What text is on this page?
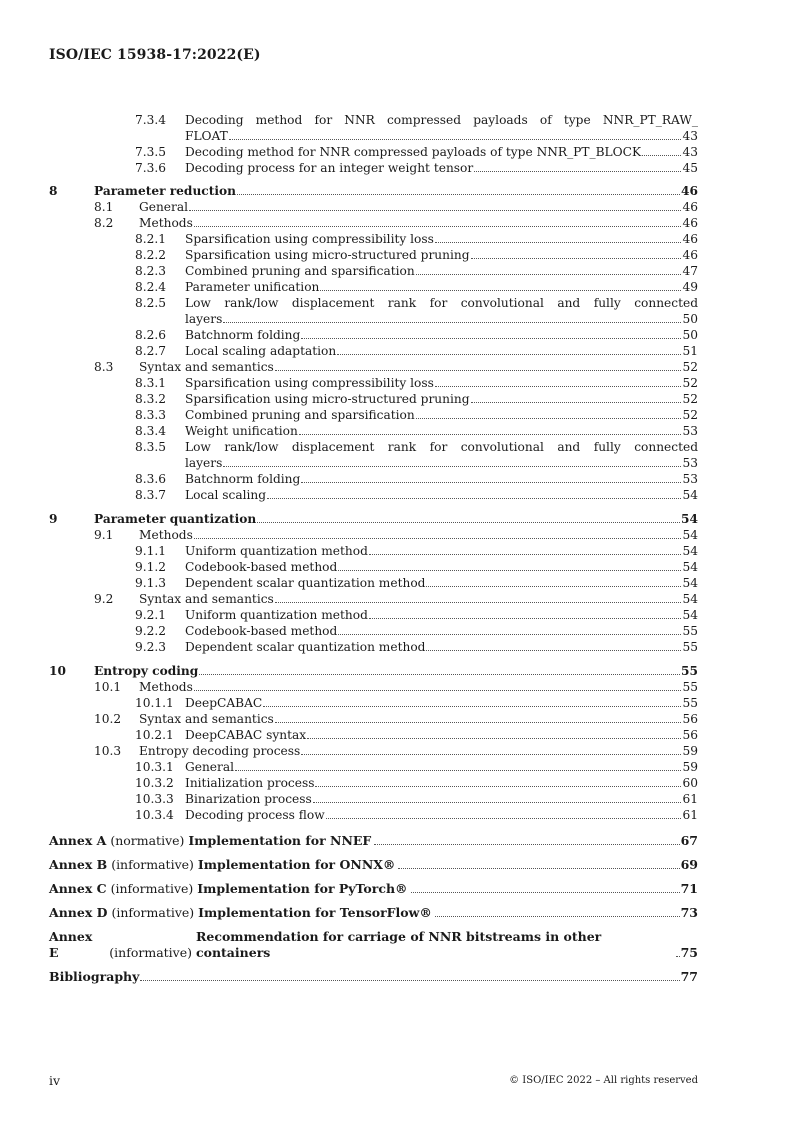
ISO/IEC 15938-17:2022(E)
7.3.4	Decoding method for NNR compressed payloads of type NNR_PT_RAW_
FLOAT	43
7.3.5	Decoding method for NNR compressed payloads of type NNR_PT_BLOCK	43
7.3.6	Decoding process for an integer weight tensor	45
8	Parameter reduction	46
8.1	General	46
8.2	Methods	46
8.2.1	Sparsification using compressibility loss	46
8.2.2	Sparsification using micro-structured pruning	46
8.2.3	Combined pruning and sparsification	47
8.2.4	Parameter unification	49
8.2.5	Low rank/low displacement rank for convolutional and fully connected
layers	50
8.2.6	Batchnorm folding	50
8.2.7	Local scaling adaptation	51
8.3	Syntax and semantics	52
8.3.1	Sparsification using compressibility loss	52
8.3.2	Sparsification using micro-structured pruning	52
8.3.3	Combined pruning and sparsification	52
8.3.4	Weight unification	53
8.3.5	Low rank/low displacement rank for convolutional and fully connected
layers	53
8.3.6	Batchnorm folding	53
8.3.7	Local scaling	54
9	Parameter quantization	54
9.1	Methods	54
9.1.1	Uniform quantization method	54
9.1.2	Codebook-based method	54
9.1.3	Dependent scalar quantization method	54
9.2	Syntax and semantics	54
9.2.1	Uniform quantization method	54
9.2.2	Codebook-based method	55
9.2.3	Dependent scalar quantization method	55
10	Entropy coding	55
10.1	Methods	55
10.1.1 DeepCABAC	55
10.2	Syntax and semantics	56
10.2.1 DeepCABAC syntax	56
10.3	Entropy decoding process	59
10.3.1 General	59
10.3.2 Initialization process	60
10.3.3 Binarization process	61
10.3.4 Decoding process flow	61
Annex A
(normative)
Implementation for NNEF	67
Annex B
(informative)
Implementation for ONNX®	69
Annex C
(informative)
Implementation for PyTorch®	71
Annex D
(informative)
Implementation for TensorFlow®	73
Annex E
	(informative)

Recommendation for carriage of NNR bitstreams in other containers	75
Bibliography	77
iv	© ISO/IEC 2022 – All rights reserved
